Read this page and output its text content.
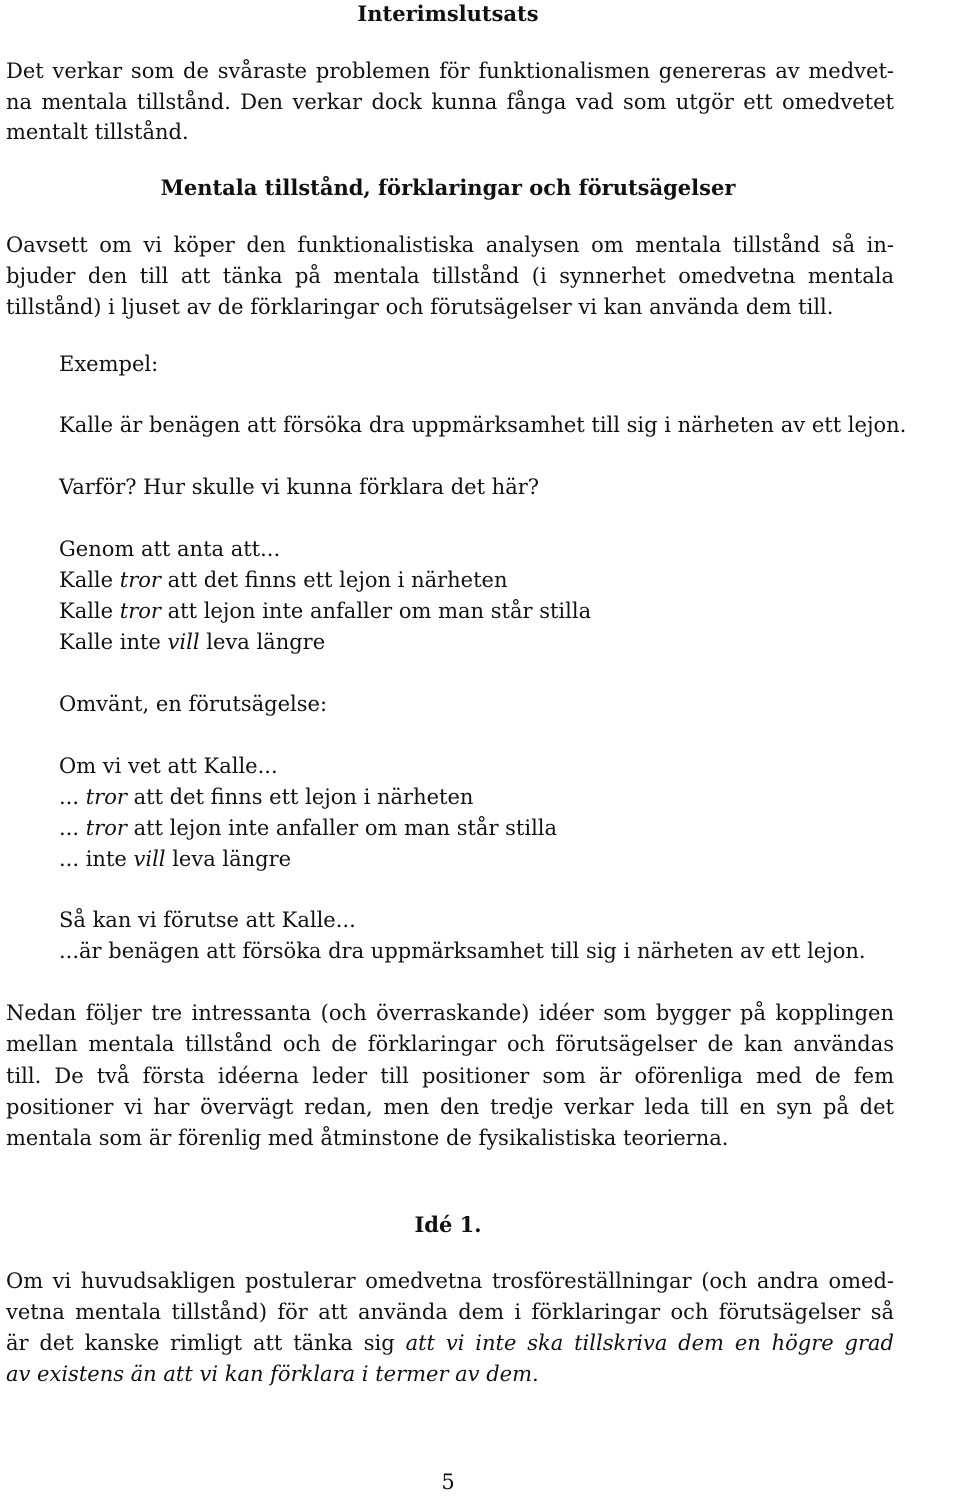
Interimslutsats
Det verkar som de svåraste problemen för funktionalismen genereras av medvet-
na mentala tillstånd. Den verkar dock kunna fånga vad som utgör ett omedvetet
mentalt tillstånd.
Mentala tillstånd, förklaringar och förutsägelser
Oavsett om vi köper den funktionalistiska analysen om mentala tillstånd så in-
bjuder den till att tänka på mentala tillstånd (i synnerhet omedvetna mentala
tillstånd) i ljuset av de förklaringar och förutsägelser vi kan använda dem till.
Exempel:
Kalle är benägen att försöka dra uppmärksamhet till sig i närheten av ett lejon.
Varför? Hur skulle vi kunna förklara det här?
Genom att anta att...
Kalle tror att det finns ett lejon i närheten
Kalle tror att lejon inte anfaller om man står stilla
Kalle inte vill leva längre
Omvänt, en förutsägelse:
Om vi vet att Kalle...
... tror att det finns ett lejon i närheten
... tror att lejon inte anfaller om man står stilla
... inte vill leva längre
Så kan vi förutse att Kalle...
...är benägen att försöka dra uppmärksamhet till sig i närheten av ett lejon.
Nedan följer tre intressanta (och överraskande) idéer som bygger på kopplingen
mellan mentala tillstånd och de förklaringar och förutsägelser de kan användas
till. De två första idéerna leder till positioner som är oförenliga med de fem
positioner vi har övervägt redan, men den tredje verkar leda till en syn på det
mentala som är förenlig med åtminstone de fysikalistiska teorierna.
Idé 1.
Om vi huvudsakligen postulerar omedvetna trosföreställningar (och andra omed-
vetna mentala tillstånd) för att använda dem i förklaringar och förutsägelser så
är det kanske rimligt att tänka sig att vi inte ska tillskriva dem en högre grad
av existens än att vi kan förklara i termer av dem.
5
